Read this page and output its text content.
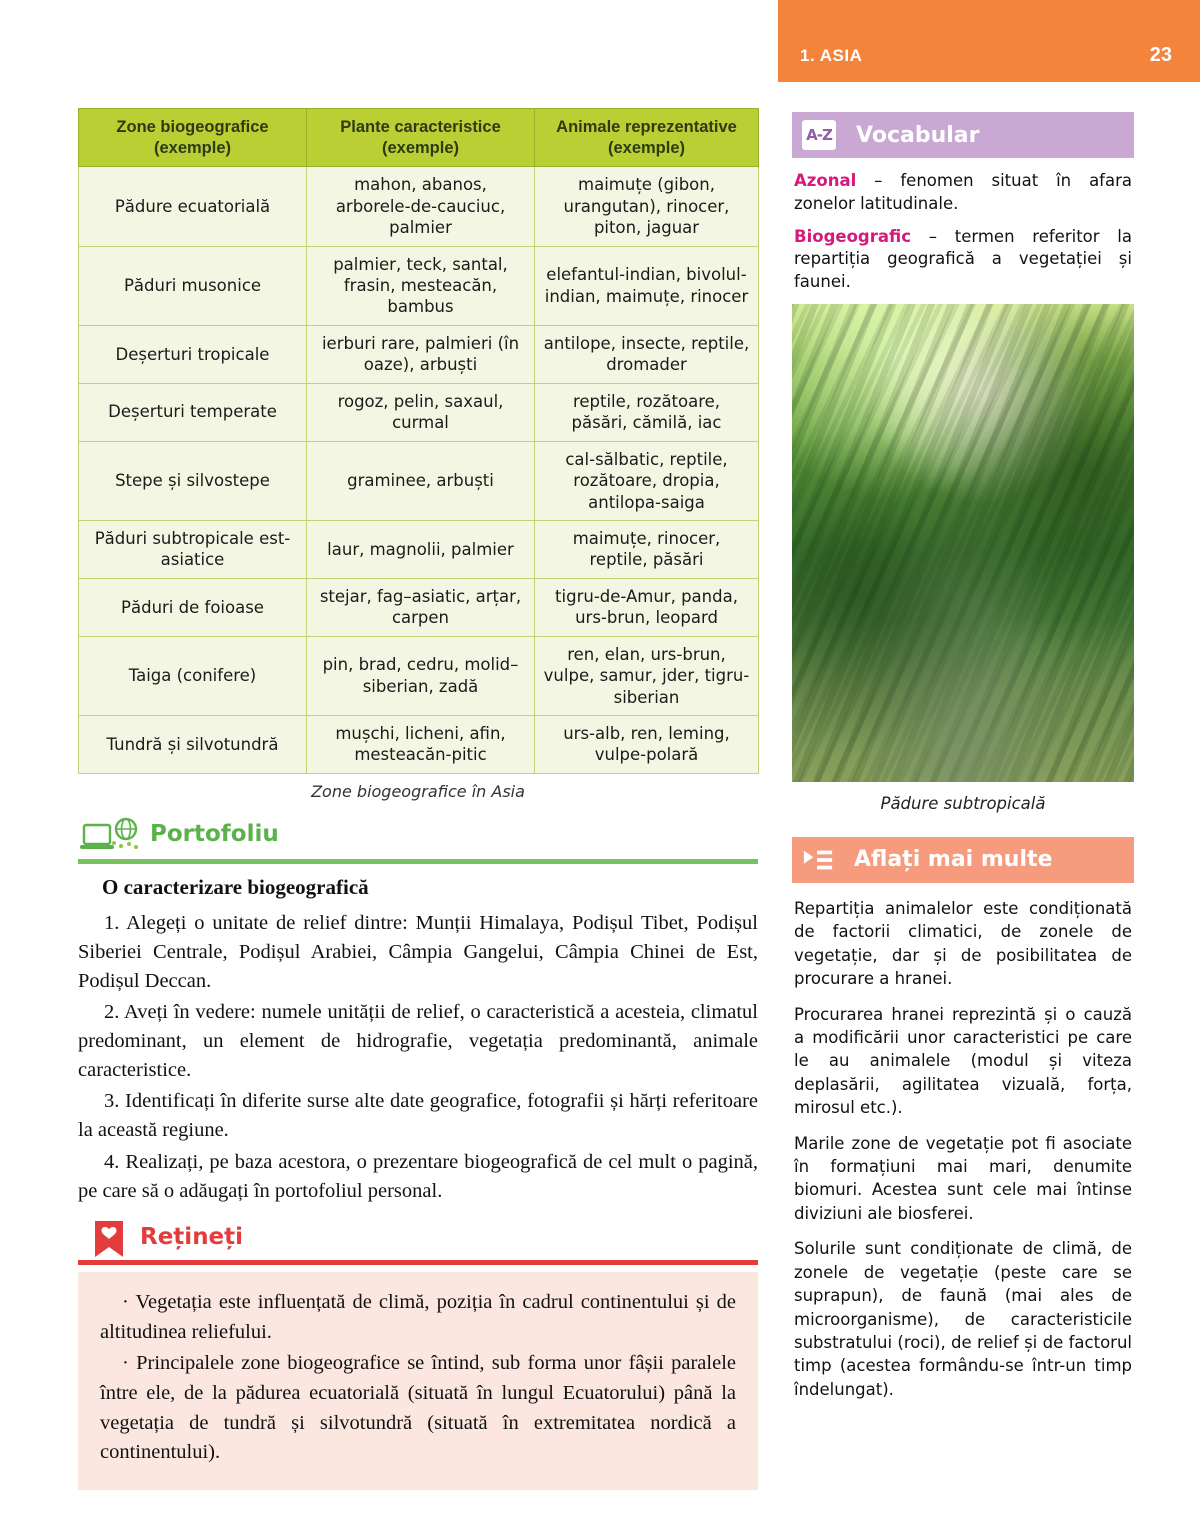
1. ASIA	23
Zone biogeografice (exemple)	Plante caracteristice (exemple)	Animale reprezentative (exemple)
Pădure ecuatorială	mahon, abanos, arborele-de-cauciuc, palmier	maimuțe (gibon, urangutan), rinocer, piton, jaguar
Păduri musonice	palmier, teck, santal, frasin, mesteacăn, bambus	elefantul-indian, bivolul-indian, maimuțe, rinocer
Deșerturi tropicale	ierburi rare, palmieri (în oaze), arbuști	antilope, insecte, reptile, dromader
Deșerturi temperate	rogoz, pelin, saxaul, curmal	reptile, rozătoare, păsări, cămilă, iac
Stepe și silvostepe	graminee, arbuști	cal-sălbatic, reptile, rozătoare, dropia, antilopa-saiga
Păduri subtropicale est-asiatice	laur, magnolii, palmier	maimuțe, rinocer, reptile, păsări
Păduri de foioase	stejar, fag–asiatic, arțar, carpen	tigru-de-Amur, panda, urs-brun, leopard
Taiga (conifere)	pin, brad, cedru, molid–siberian, zadă	ren, elan, urs-brun, vulpe, samur, jder, tigru-siberian
Tundră și silvotundră	mușchi, licheni, afin, mesteacăn-pitic	urs-alb, ren, leming, vulpe-polară
Zone biogeografice în Asia
Portofoliu
O caracterizare biogeografică

1. Alegeți o unitate de relief dintre: Munții Himalaya, Podișul Tibet, Podișul Siberiei Centrale, Podișul Arabiei, Câmpia Gangelui, Câmpia Chinei de Est, Podișul Deccan.

2. Aveți în vedere: numele unității de relief, o caracteristică a acesteia, climatul predominant, un element de hidrografie, vegetația predominantă, animale caracteristice.

3. Identificați în diferite surse alte date geografice, fotografii și hărți referitoare la această regiune.

4. Realizați, pe baza acestora, o prezentare biogeografică de cel mult o pagină, pe care să o adăugați în portofoliul personal.

Rețineți

· Vegetația este influențată de climă, poziția în cadrul continentului și de altitudinea reliefului.

· Principalele zone biogeografice se întind, sub forma unor fâșii paralele între ele, de la pădurea ecuatorială (situată în lungul Ecuatorului) până la vegetația de tundră și silvotundră (situată în extremitatea nordică a continentului).

A-Z Vocabular

Azonal – fenomen situat în afara zonelor latitudinale.

Biogeografic – termen referitor la repartiția geografică a vegetației și faunei.

Pădure subtropicală
Aflați mai multe

Repartiția animalelor este condiționată de factorii climatici, de zonele de vegetație, dar și de posibilitatea de procurare a hranei.

Procurarea hranei reprezintă și o cauză a modificării unor caracteristici pe care le au animalele (modul și viteza deplasării, agilitatea vizuală, forța, mirosul etc.).

Marile zone de vegetație pot fi asociate în formațiuni mai mari, denumite biomuri. Acestea sunt cele mai întinse diviziuni ale biosferei.

Solurile sunt condiționate de climă, de zonele de vegetație (peste care se suprapun), de faună (mai ales de microorganisme), de caracteristicile substratului (roci), de relief și de factorul timp (acestea formându-se într-un timp îndelungat).
